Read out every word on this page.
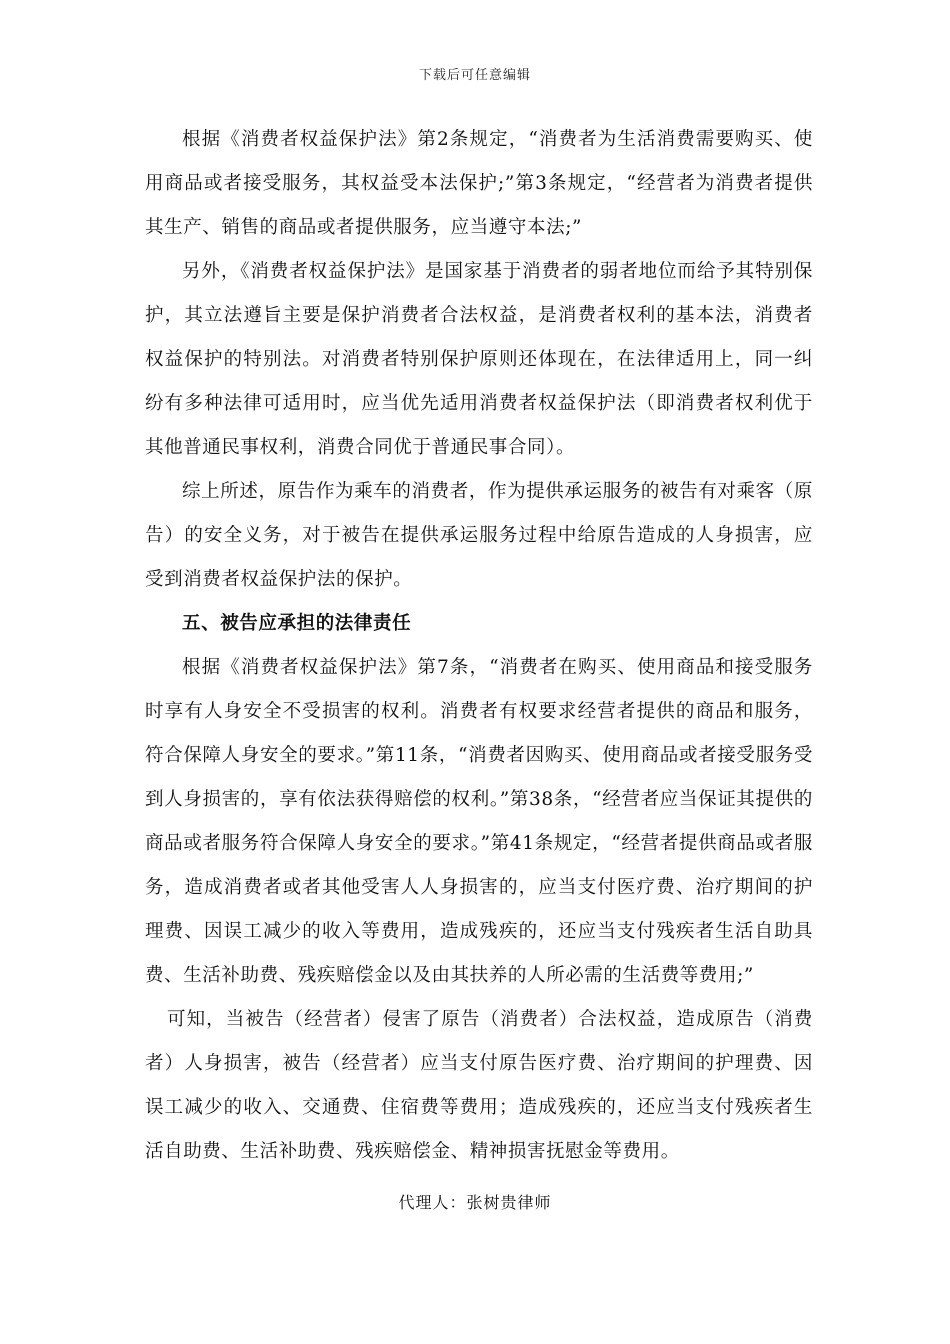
下载后可任意编辑

根据《消费者权益保护法》第2条规定，“消费者为生活消费需要购买、使用商品或者接受服务，其权益受本法保护;”第3条规定，“经营者为消费者提供其生产、销售的商品或者提供服务，应当遵守本法;”

另外，《消费者权益保护法》是国家基于消费者的弱者地位而给予其特别保护，其立法遵旨主要是保护消费者合法权益，是消费者权利的基本法，消费者权益保护的特别法。对消费者特别保护原则还体现在，在法律适用上，同一纠纷有多种法律可适用时，应当优先适用消费者权益保护法（即消费者权利优于其他普通民事权利，消费合同优于普通民事合同）。

综上所述，原告作为乘车的消费者，作为提供承运服务的被告有对乘客（原告）的安全义务，对于被告在提供承运服务过程中给原告造成的人身损害，应受到消费者权益保护法的保护。

五、被告应承担的法律责任

根据《消费者权益保护法》第7条，“消费者在购买、使用商品和接受服务时享有人身安全不受损害的权利。消费者有权要求经营者提供的商品和服务，符合保障人身安全的要求。”第11条，“消费者因购买、使用商品或者接受服务受到人身损害的，享有依法获得赔偿的权利。”第38条，“经营者应当保证其提供的商品或者服务符合保障人身安全的要求。”第41条规定，“经营者提供商品或者服务，造成消费者或者其他受害人人身损害的，应当支付医疗费、治疗期间的护理费、因误工减少的收入等费用，造成残疾的，还应当支付残疾者生活自助具费、生活补助费、残疾赔偿金以及由其扶养的人所必需的生活费等费用;”

可知，当被告（经营者）侵害了原告（消费者）合法权益，造成原告（消费者）人身损害，被告（经营者）应当支付原告医疗费、治疗期间的护理费、因误工减少的收入、交通费、住宿费等费用；造成残疾的，还应当支付残疾者生活自助费、生活补助费、残疾赔偿金、精神损害抚慰金等费用。

代理人：张树贵律师
